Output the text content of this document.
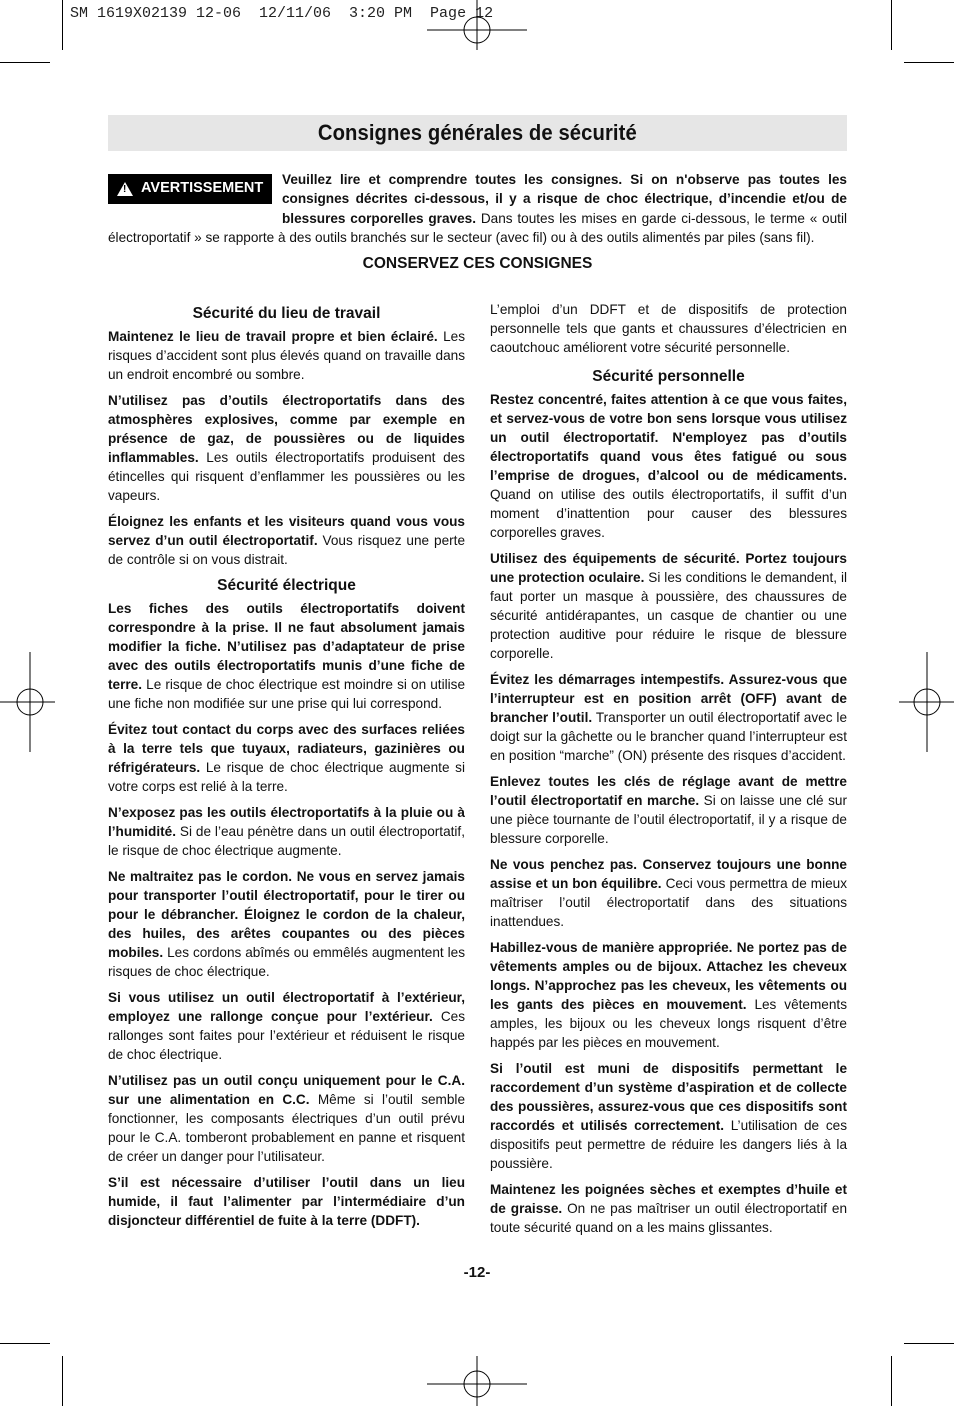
SM 1619X02139 12-06  12/11/06  3:20 PM  Page 12
Consignes générales de sécurité
!
AVERTISSEMENT
Veuillez lire et comprendre toutes les consignes. Si on n'observe pas toutes les consignes décrites ci-dessous, il y a risque de choc électrique, d’incendie et/ou de blessures corporelles graves. Dans toutes les mises en garde ci-dessous, le terme « outil électroportatif » se rapporte à des outils branchés sur le secteur (avec fil) ou à des outils alimentés par piles (sans fil).
CONSERVEZ CES CONSIGNES
Sécurité du lieu de travail

Maintenez le lieu de travail propre et bien éclairé. Les risques d’accident sont plus élevés quand on travaille dans un endroit encombré ou sombre.

N’utilisez pas d’outils électroportatifs dans des atmosphères explosives, comme par exemple en présence de gaz, de poussières ou de liquides inflammables. Les outils électroportatifs produisent des étincelles qui risquent d’enflammer les poussières ou les vapeurs.

Éloignez les enfants et les visiteurs quand vous vous servez d’un outil électroportatif. Vous risquez une perte de contrôle si on vous distrait.

Sécurité électrique

Les fiches des outils électroportatifs doivent correspondre à la prise. Il ne faut absolument jamais modifier la fiche. N’utilisez pas d’adaptateur de prise avec des outils électroportatifs munis d’une fiche de terre. Le risque de choc électrique est moindre si on utilise une fiche non modifiée sur une prise qui lui correspond.

Évitez tout contact du corps avec des surfaces reliées à la terre tels que tuyaux, radiateurs, gazinières ou réfrigérateurs. Le risque de choc électrique augmente si votre corps est relié à la terre.

N’exposez pas les outils électroportatifs à la pluie ou à l’humidité. Si de l’eau pénètre dans un outil électroportatif, le risque de choc électrique augmente.

Ne maltraitez pas le cordon. Ne vous en servez jamais pour transporter l’outil électroportatif, pour le tirer ou pour le débrancher. Éloignez le cordon de la chaleur, des huiles, des arêtes coupantes ou des pièces mobiles. Les cordons abîmés ou emmêlés augmentent les risques de choc électrique.

Si vous utilisez un outil électroportatif à l’extérieur, employez une rallonge conçue pour l’extérieur. Ces rallonges sont faites pour l’extérieur et réduisent le risque de choc électrique.

N’utilisez pas un outil conçu uniquement pour le C.A. sur une alimentation en C.C. Même si l’outil semble fonctionner, les composants électriques d’un outil prévu pour le C.A. tomberont probablement en panne et risquent de créer un danger pour l’utilisateur.

S’il est nécessaire d’utiliser l’outil dans un lieu humide, il faut l’alimenter par l’intermédiaire d’un disjoncteur différentiel de fuite à la terre (DDFT).

L’emploi d’un DDFT et de dispositifs de protection personnelle tels que gants et chaussures d’électricien en caoutchouc améliorent votre sécurité personnelle.

Sécurité personnelle

Restez concentré, faites attention à ce que vous faites, et servez-vous de votre bon sens lorsque vous utilisez un outil électroportatif. N'employez pas d’outils électroportatifs quand vous êtes fatigué ou sous l’emprise de drogues, d’alcool ou de médicaments. Quand on utilise des outils électroportatifs, il suffit d’un moment d’inattention pour causer des blessures corporelles graves.

Utilisez des équipements de sécurité. Portez toujours une protection oculaire. Si les conditions le demandent, il faut porter un masque à poussière, des chaussures de sécurité antidérapantes, un casque de chantier ou une protection auditive pour réduire le risque de blessure corporelle.

Évitez les démarrages intempestifs. Assurez-vous que l’interrupteur est en position arrêt (OFF) avant de brancher l’outil. Transporter un outil électroportatif avec le doigt sur la gâchette ou le brancher quand l’interrupteur est en position “marche” (ON) présente des risques d’accident.

Enlevez toutes les clés de réglage avant de mettre l’outil électroportatif en marche. Si on laisse une clé sur une pièce tournante de l’outil électroportatif, il y a risque de blessure corporelle.

Ne vous penchez pas. Conservez toujours une bonne assise et un bon équilibre. Ceci vous permettra de mieux maîtriser l’outil électroportatif dans des situations inattendues.

Habillez-vous de manière appropriée. Ne portez pas de vêtements amples ou de bijoux. Attachez les cheveux longs. N’approchez pas les cheveux, les vêtements ou les gants des pièces en mouvement. Les vêtements amples, les bijoux ou les cheveux longs risquent d’être happés par les pièces en mouvement.

Si l’outil est muni de dispositifs permettant le raccordement d’un système d’aspiration et de collecte des poussières, assurez-vous que ces dispositifs sont raccordés et utilisés correctement. L’utilisation de ces dispositifs peut permettre de réduire les dangers liés à la poussière.

Maintenez les poignées sèches et exemptes d’huile et de graisse. On ne pas maîtriser un outil électroportatif en toute sécurité quand on a les mains glissantes.

-12-
